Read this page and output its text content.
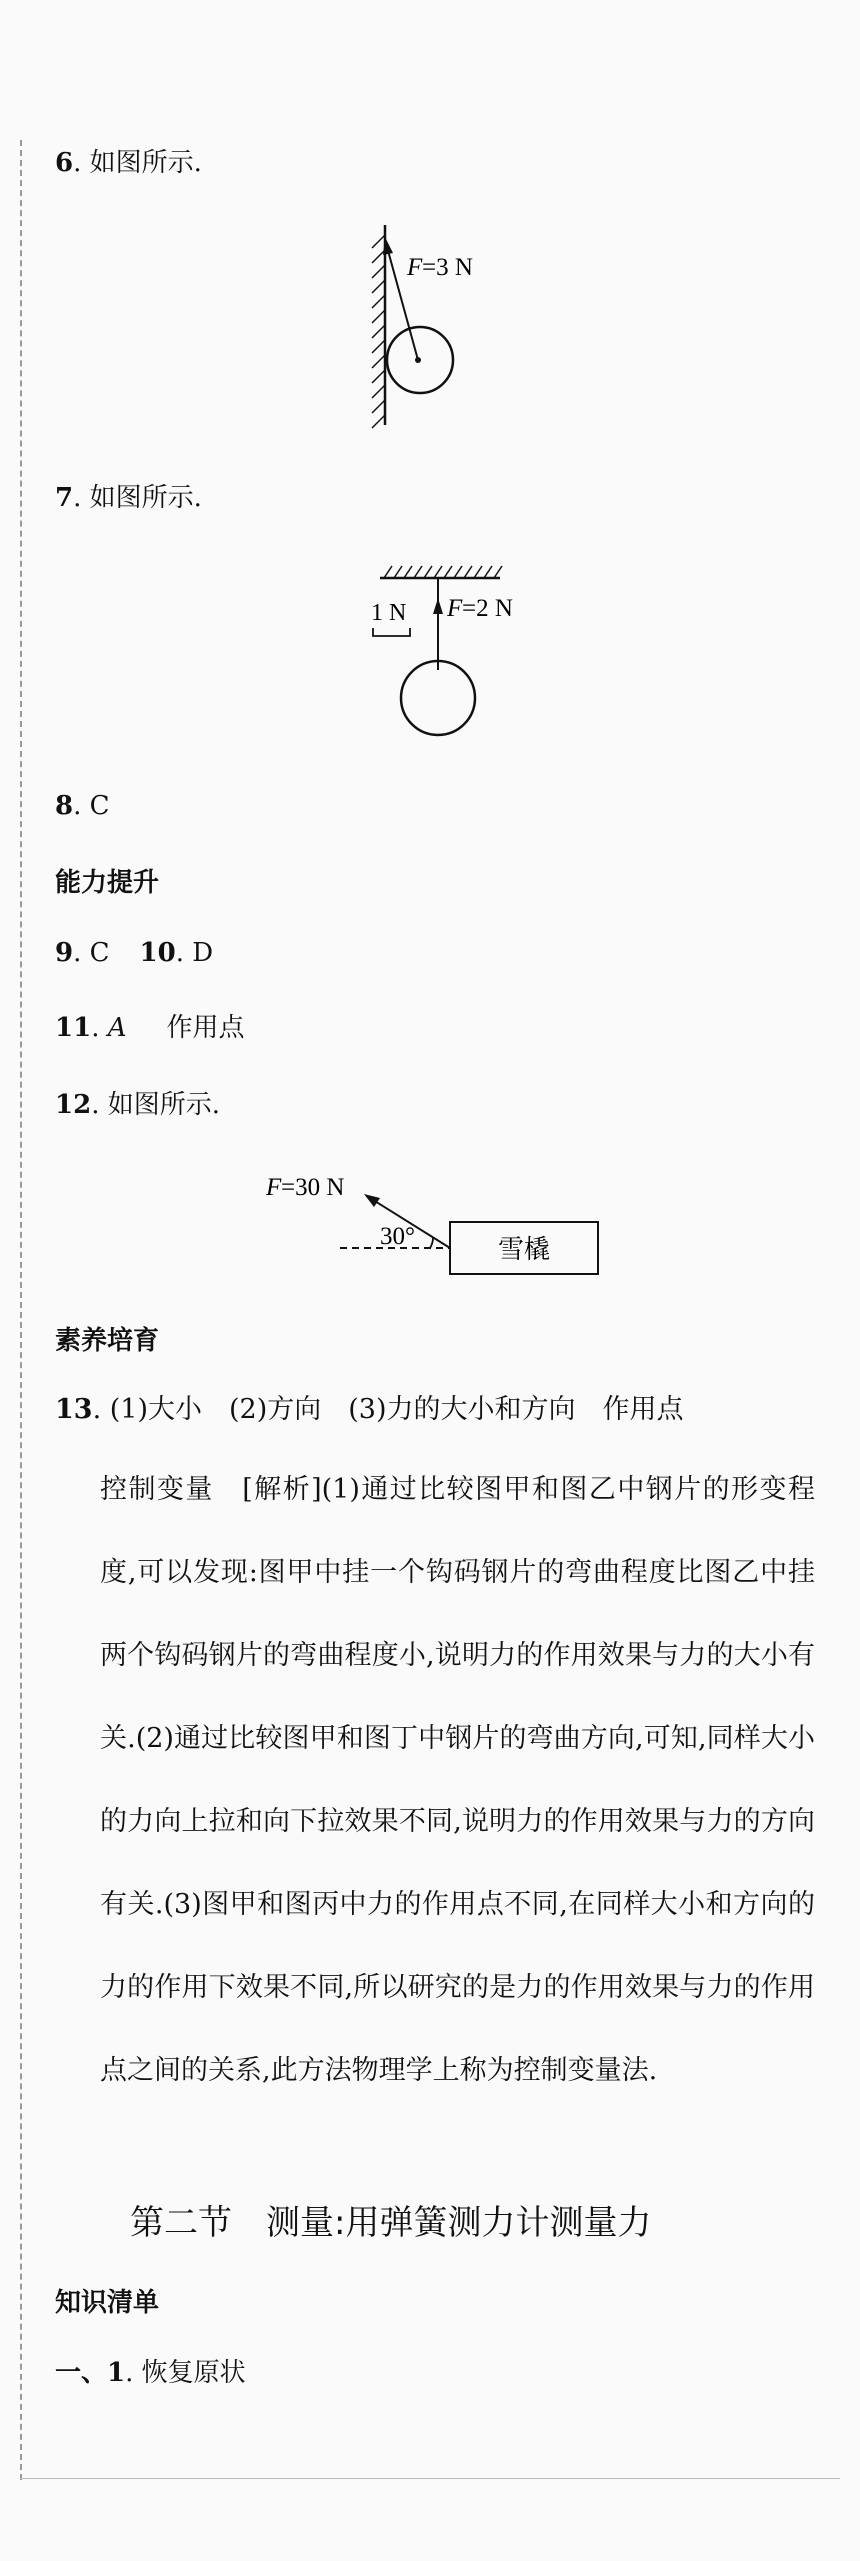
6. 如图所示.
F =3 N
7. 如图所示.
1 N F =2 N
8. C
能力提升
9. C 10. D
11. A 作用点
12. 如图所示.
F =30 N
30°	雪橇
素养培育
13. (1)大小　(2)方向　(3)力的大小和方向　作用点
控制变量　[解析](1)通过比较图甲和图乙中钢片的形变程度,可以发现:图甲中挂一个钩码钢片的弯曲程度比图乙中挂两个钩码钢片的弯曲程度小,说明力的作用效果与力的大小有关.(2)通过比较图甲和图丁中钢片的弯曲方向,可知,同样大小的力向上拉和向下拉效果不同,说明力的作用效果与力的方向有关.(3)图甲和图丙中力的作用点不同,在同样大小和方向的力的作用下效果不同,所以研究的是力的作用效果与力的作用点之间的关系,此方法物理学上称为控制变量法.
第二节　测量:用弹簧测力计测量力
知识清单
一、1. 恢复原状
